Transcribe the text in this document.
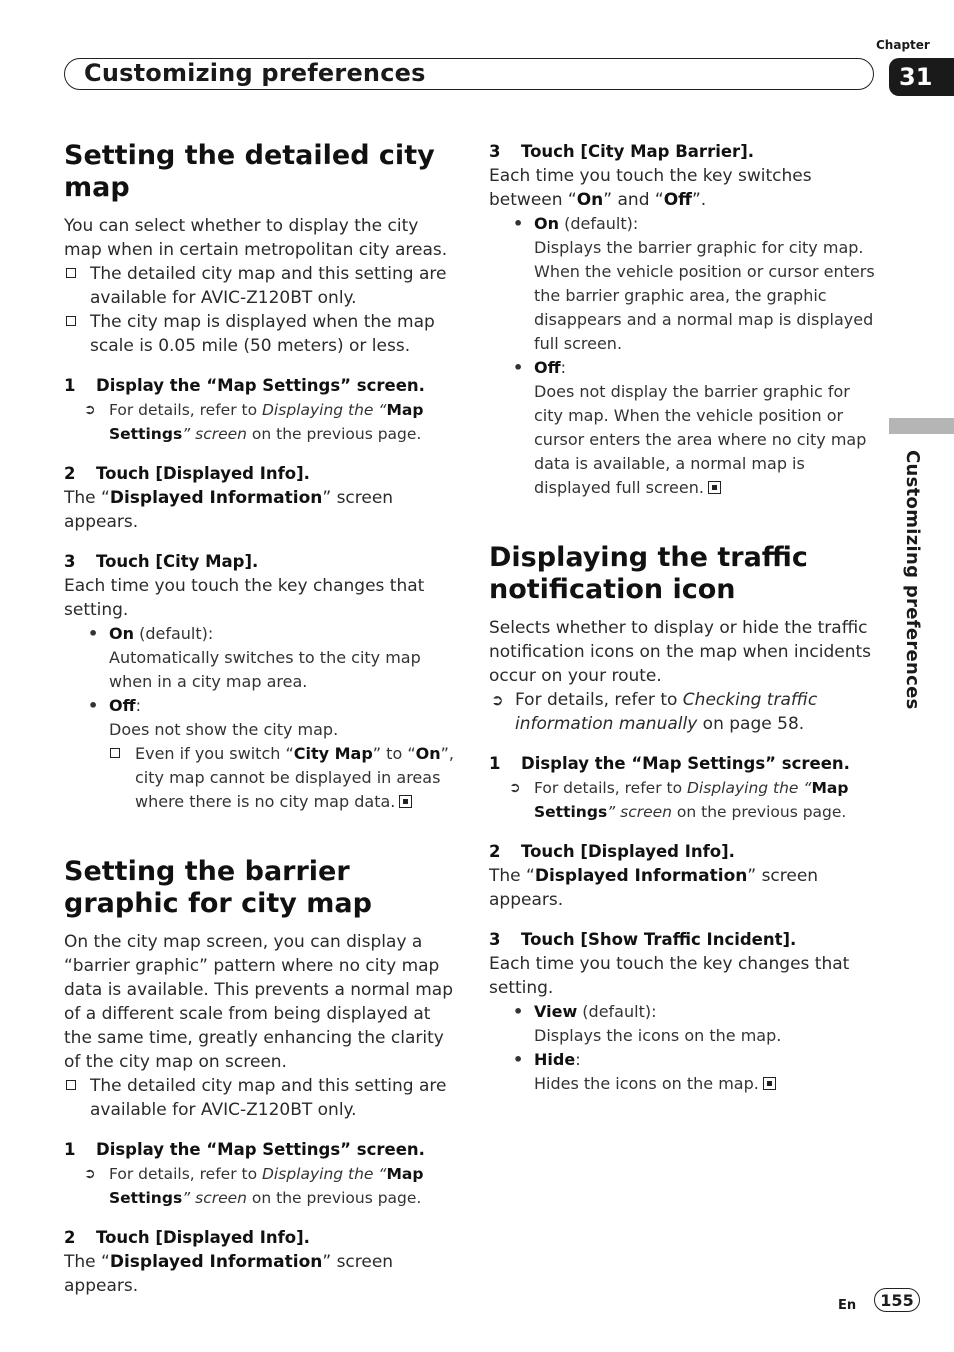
Chapter
Customizing preferences	31
Customizing preferences
Setting the detailed city map

You can select whether to display the city map when in certain metropolitan city areas.

The detailed city map and this setting are available for AVIC-Z120BT only.
The city map is displayed when the map scale is 0.05 mile (50 meters) or less.
1 Display the “Map Settings” screen.
➲ For details, refer to Displaying the “Map Settings” screen on the previous page.
2 Touch [Displayed Info].

The “Displayed Information” screen appears.

3 Touch [City Map].

Each time you touch the key changes that setting.

• On (default):
Automatically switches to the city map when in a city map area.
• Off:
Does not show the city map.
Even if you switch “City Map” to “On”, city map cannot be displayed in areas where there is no city map data.
Setting the barrier graphic for city map

On the city map screen, you can display a “barrier graphic” pattern where no city map data is available. This prevents a normal map of a different scale from being displayed at the same time, greatly enhancing the clarity of the city map on screen.

The detailed city map and this setting are available for AVIC-Z120BT only.
1 Display the “Map Settings” screen.
➲ For details, refer to Displaying the “Map Settings” screen on the previous page.
2 Touch [Displayed Info].

The “Displayed Information” screen appears.

3 Touch [City Map Barrier].

Each time you touch the key switches between “On” and “Off”.

• On (default):
Displays the barrier graphic for city map. When the vehicle position or cursor enters the barrier graphic area, the graphic disappears and a normal map is displayed full screen.
• Off:
Does not display the barrier graphic for city map. When the vehicle position or cursor enters the area where no city map data is available, a normal map is displayed full screen.
Displaying the traffic notification icon

Selects whether to display or hide the traffic notification icons on the map when incidents occur on your route.

➲ For details, refer to Checking traffic information manually on page 58.
1 Display the “Map Settings” screen.
➲ For details, refer to Displaying the “Map Settings” screen on the previous page.
2 Touch [Displayed Info].

The “Displayed Information” screen appears.

3 Touch [Show Traffic Incident].

Each time you touch the key changes that setting.

• View (default):
Displays the icons on the map.
• Hide:
Hides the icons on the map.
En 155
